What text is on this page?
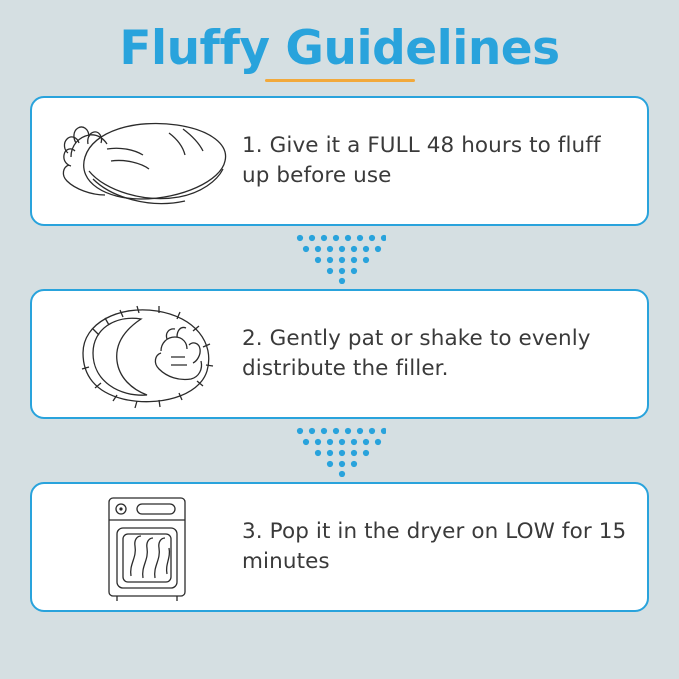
Fluffy Guidelines
1. Give it a FULL 48 hours to fluff up before use
2. Gently pat or shake to evenly distribute the filler.
3. Pop it in the dryer on LOW for 15 minutes
